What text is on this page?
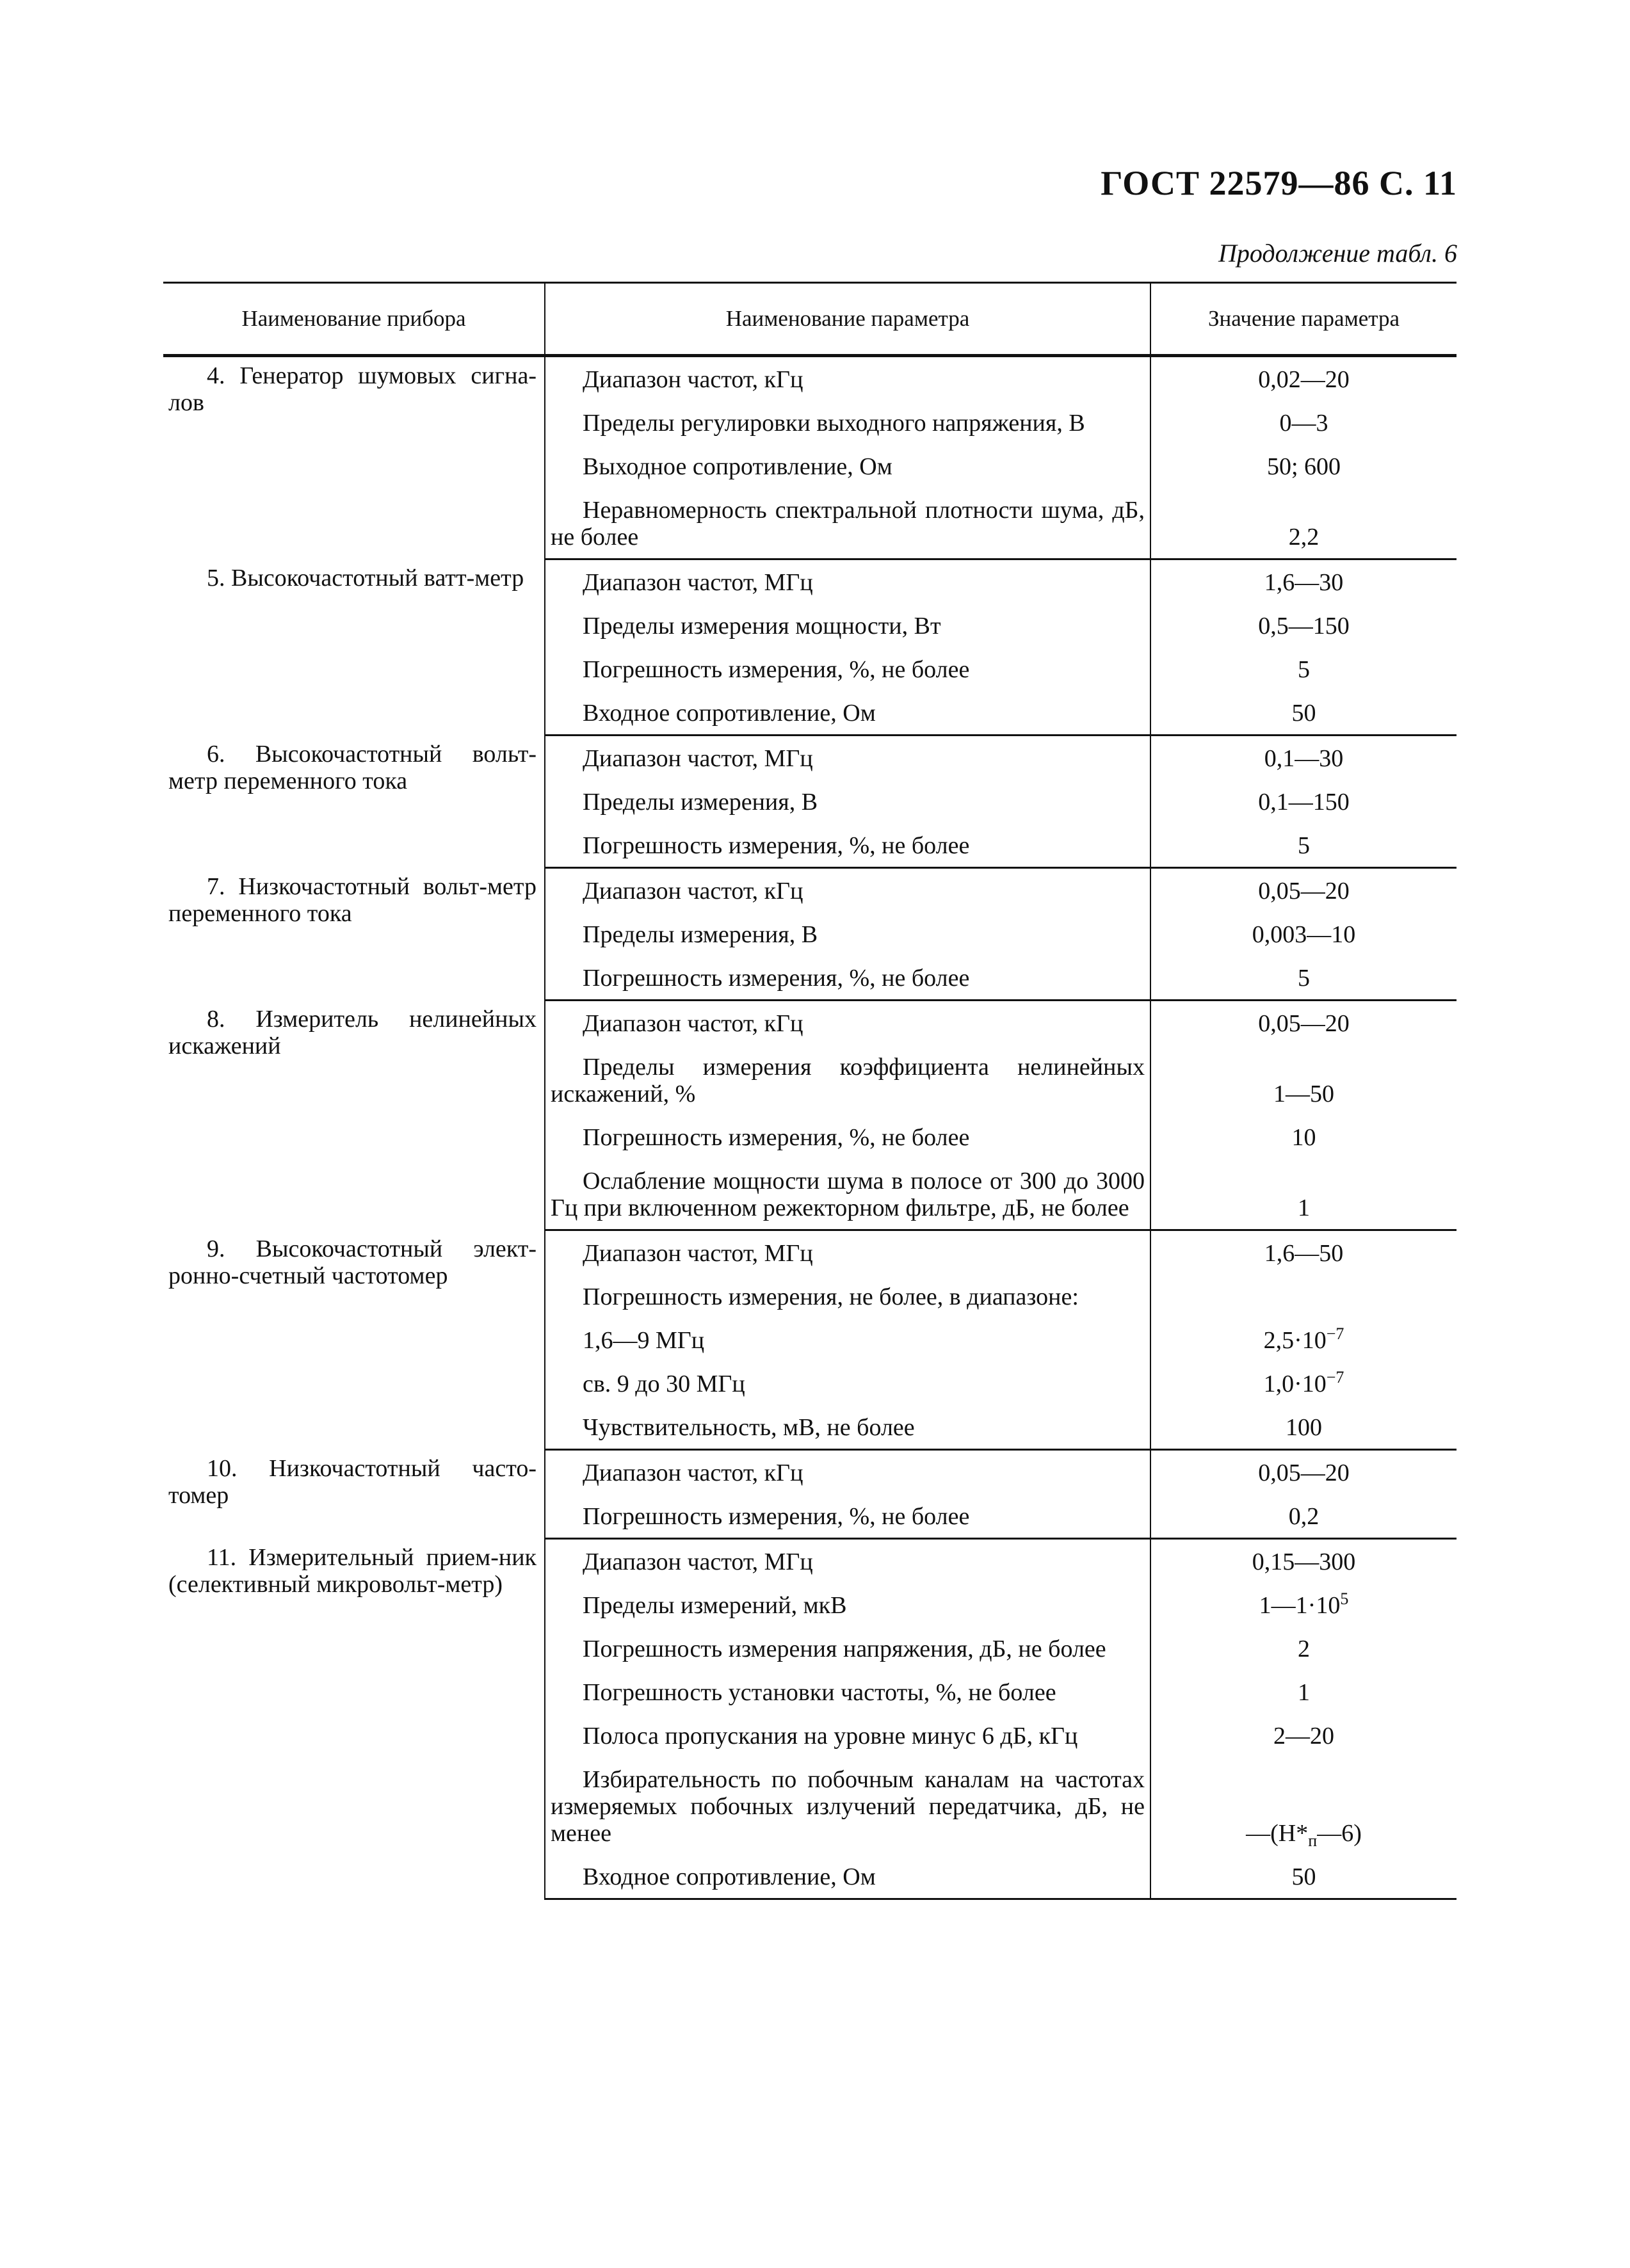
ГОСТ 22579—86 С. 11
Продолжение табл. 6
Наименование прибора	Наименование параметра	Значение параметра

4. Генератор шумовых сигна-лов	Диапазон частот, кГц	0,02—20

	Пределы регулировки выходного напряжения, В	0—3

	Выходное сопротивление, Ом	50; 600

	Неравномерность спектральной плотности шума, дБ, не более	2,2

5. Высокочастотный ватт-метр	Диапазон частот, МГц	1,6—30

	Пределы измерения мощности, Вт	0,5—150

	Погрешность измерения, %, не более	5

	Входное сопротивление, Ом	50

6. Высокочастотный вольт-метр переменного тока	Диапазон частот, МГц	0,1—30

	Пределы измерения, В	0,1—150

	Погрешность измерения, %, не более	5

7. Низкочастотный вольт-метр переменного тока	Диапазон частот, кГц	0,05—20

	Пределы измерения, В	0,003—10

	Погрешность измерения, %, не более	5

8. Измеритель нелинейных искажений	Диапазон частот, кГц	0,05—20

	Пределы измерения коэффициента нелинейных искажений, %	1—50

	Погрешность измерения, %, не более	10

	Ослабление мощности шума в полосе от 300 до 3000 Гц при включенном режекторном фильтре, дБ, не более	1

9. Высокочастотный элект-ронно-счетный частотомер	Диапазон частот, МГц	1,6—50

	Погрешность измерения, не более, в диапазоне:	

	1,6—9 МГц	$2,5\cdot 10^{-7}$

	св. 9 до 30 МГц	$1,0\cdot 10^{-7}$

	Чувствительность, мВ, не более	100

10. Низкочастотный часто-томер	Диапазон частот, кГц	0,05—20

	Погрешность измерения, %, не более	0,2

11. Измерительный прием-ник (селективный микровольт-метр)	Диапазон частот, МГц	0,15—300

	Пределы измерений, мкВ	$1—1\cdot 10^5$

	Погрешность измерения напряжения, дБ, не более	2

	Погрешность установки частоты, %, не более	1

	Полоса пропускания на уровне минус 6 дБ, кГц	2—20

	Избирательность по побочным каналам на частотах измеряемых побочных излучений передатчика, дБ, не менее	$—(H*_п—6)$

	Входное сопротивление, Ом	50
